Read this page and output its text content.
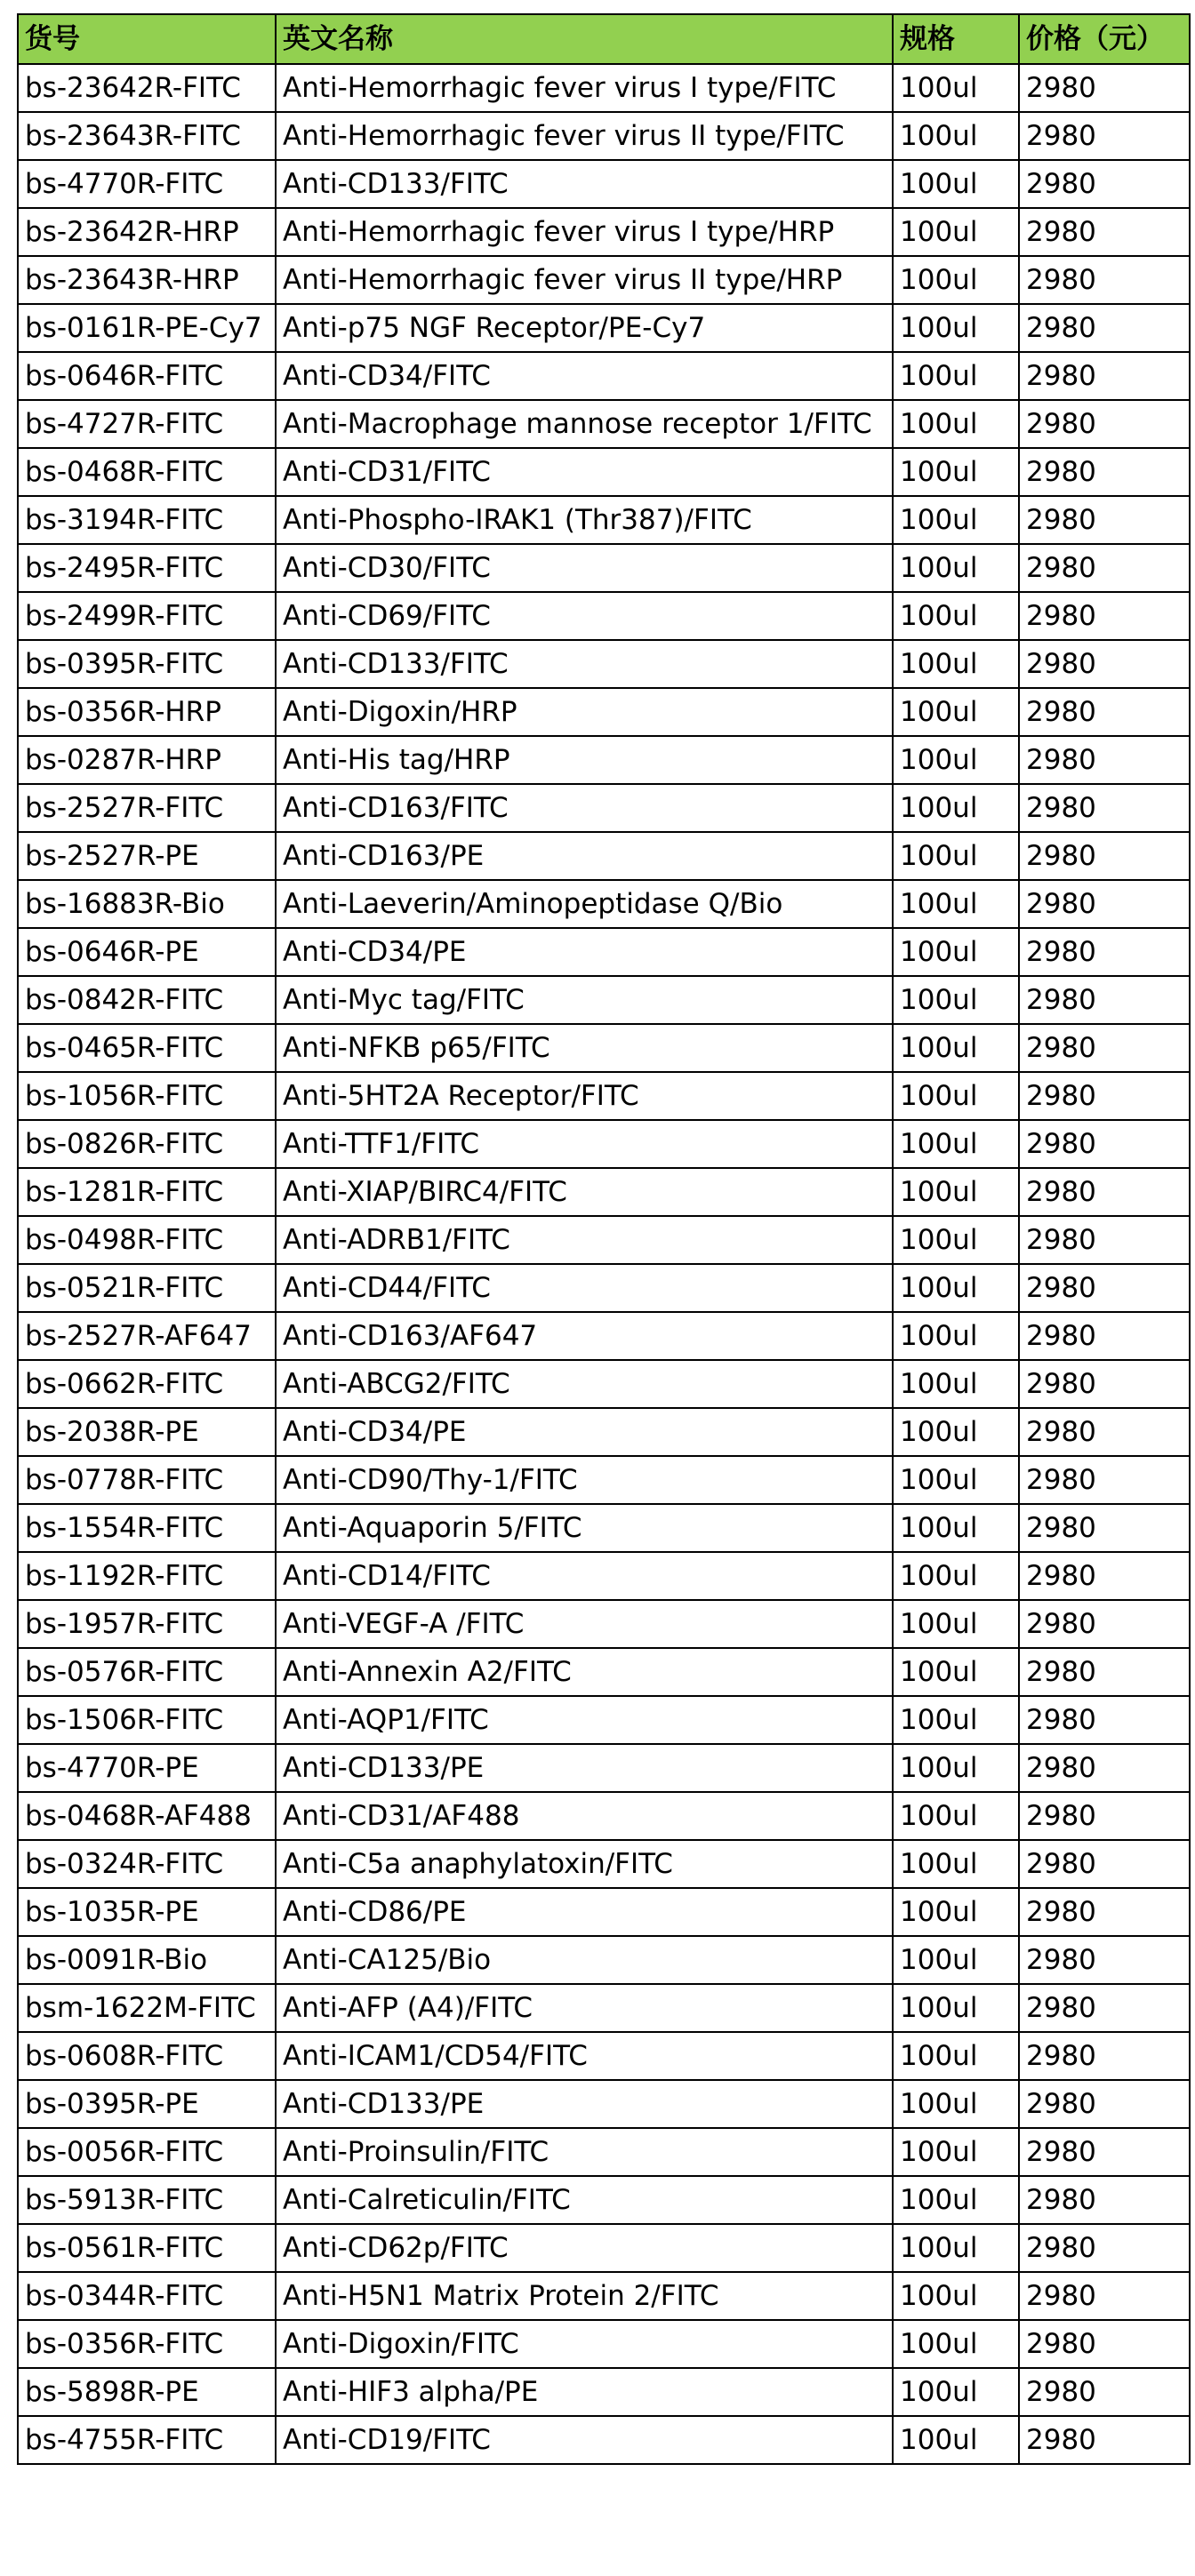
货号	英文名称	规格	价格（元）
bs-23642R-FITC	Anti-Hemorrhagic fever virus I type/FITC	100ul	2980
bs-23643R-FITC	Anti-Hemorrhagic fever virus II type/FITC	100ul	2980
bs-4770R-FITC	Anti-CD133/FITC	100ul	2980
bs-23642R-HRP	Anti-Hemorrhagic fever virus I type/HRP	100ul	2980
bs-23643R-HRP	Anti-Hemorrhagic fever virus II type/HRP	100ul	2980
bs-0161R-PE-Cy7	Anti-p75 NGF Receptor/PE-Cy7	100ul	2980
bs-0646R-FITC	Anti-CD34/FITC	100ul	2980
bs-4727R-FITC	Anti-Macrophage mannose receptor 1/FITC	100ul	2980
bs-0468R-FITC	Anti-CD31/FITC	100ul	2980
bs-3194R-FITC	Anti-Phospho-IRAK1 (Thr387)/FITC	100ul	2980
bs-2495R-FITC	Anti-CD30/FITC	100ul	2980
bs-2499R-FITC	Anti-CD69/FITC	100ul	2980
bs-0395R-FITC	Anti-CD133/FITC	100ul	2980
bs-0356R-HRP	Anti-Digoxin/HRP	100ul	2980
bs-0287R-HRP	Anti-His tag/HRP	100ul	2980
bs-2527R-FITC	Anti-CD163/FITC	100ul	2980
bs-2527R-PE	Anti-CD163/PE	100ul	2980
bs-16883R-Bio	Anti-Laeverin/Aminopeptidase Q/Bio	100ul	2980
bs-0646R-PE	Anti-CD34/PE	100ul	2980
bs-0842R-FITC	Anti-Myc tag/FITC	100ul	2980
bs-0465R-FITC	Anti-NFKB p65/FITC	100ul	2980
bs-1056R-FITC	Anti-5HT2A Receptor/FITC	100ul	2980
bs-0826R-FITC	Anti-TTF1/FITC	100ul	2980
bs-1281R-FITC	Anti-XIAP/BIRC4/FITC	100ul	2980
bs-0498R-FITC	Anti-ADRB1/FITC	100ul	2980
bs-0521R-FITC	Anti-CD44/FITC	100ul	2980
bs-2527R-AF647	Anti-CD163/AF647	100ul	2980
bs-0662R-FITC	Anti-ABCG2/FITC	100ul	2980
bs-2038R-PE	Anti-CD34/PE	100ul	2980
bs-0778R-FITC	Anti-CD90/Thy-1/FITC	100ul	2980
bs-1554R-FITC	Anti-Aquaporin 5/FITC	100ul	2980
bs-1192R-FITC	Anti-CD14/FITC	100ul	2980
bs-1957R-FITC	Anti-VEGF-A /FITC	100ul	2980
bs-0576R-FITC	Anti-Annexin A2/FITC	100ul	2980
bs-1506R-FITC	Anti-AQP1/FITC	100ul	2980
bs-4770R-PE	Anti-CD133/PE	100ul	2980
bs-0468R-AF488	Anti-CD31/AF488	100ul	2980
bs-0324R-FITC	Anti-C5a anaphylatoxin/FITC	100ul	2980
bs-1035R-PE	Anti-CD86/PE	100ul	2980
bs-0091R-Bio	Anti-CA125/Bio	100ul	2980
bsm-1622M-FITC	Anti-AFP (A4)/FITC	100ul	2980
bs-0608R-FITC	Anti-ICAM1/CD54/FITC	100ul	2980
bs-0395R-PE	Anti-CD133/PE	100ul	2980
bs-0056R-FITC	Anti-Proinsulin/FITC	100ul	2980
bs-5913R-FITC	Anti-Calreticulin/FITC	100ul	2980
bs-0561R-FITC	Anti-CD62p/FITC	100ul	2980
bs-0344R-FITC	Anti-H5N1 Matrix Protein 2/FITC	100ul	2980
bs-0356R-FITC	Anti-Digoxin/FITC	100ul	2980
bs-5898R-PE	Anti-HIF3 alpha/PE	100ul	2980
bs-4755R-FITC	Anti-CD19/FITC	100ul	2980
